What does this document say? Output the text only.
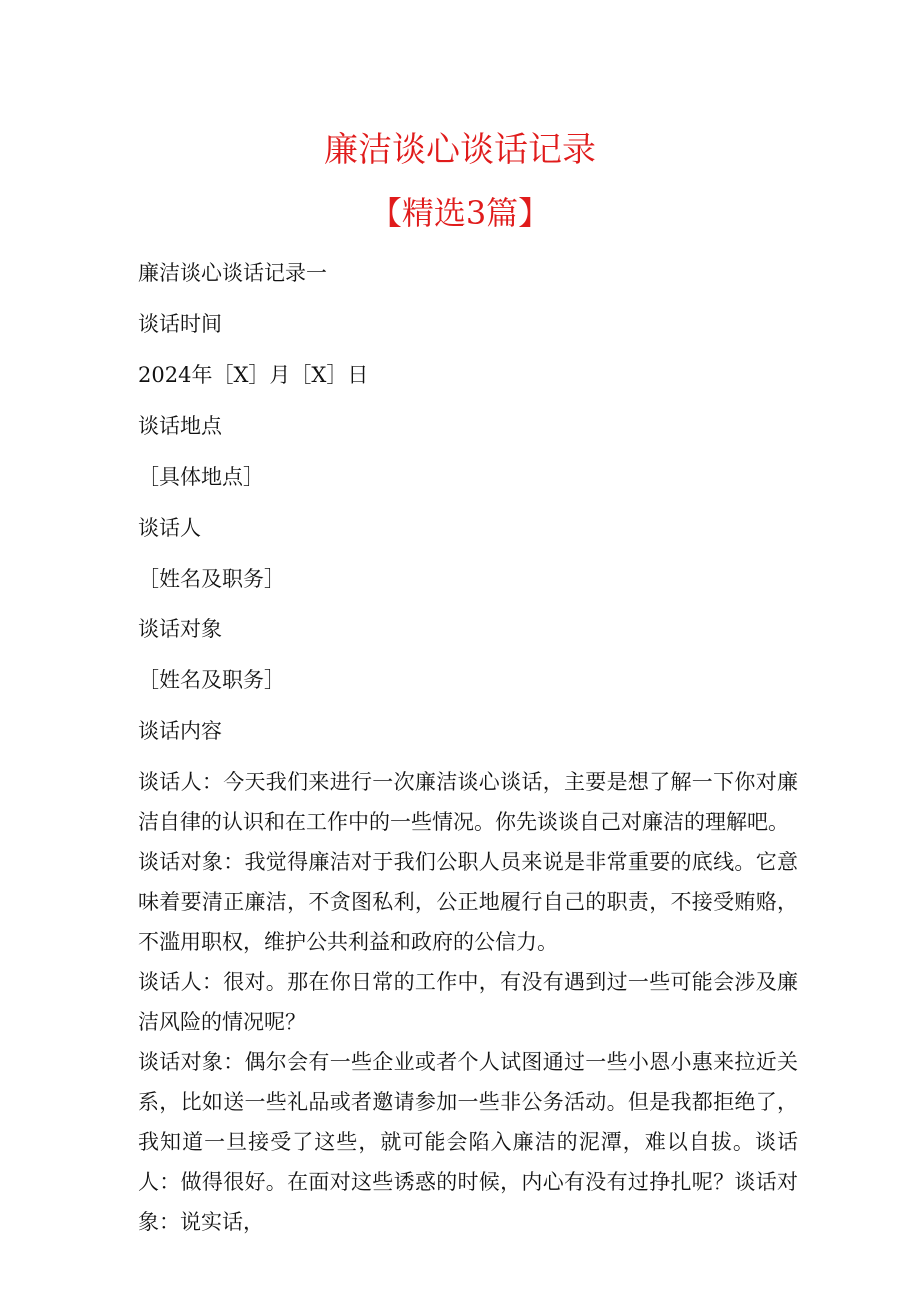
廉洁谈心谈话记录
【精选3篇】

廉洁谈心谈话记录一

谈话时间

2024年［X］月［X］日

谈话地点

［具体地点］

谈话人

［姓名及职务］

谈话对象

［姓名及职务］

谈话内容

谈话人：今天我们来进行一次廉洁谈心谈话，主要是想了解一下你对廉洁自律的认识和在工作中的一些情况。你先谈谈自己对廉洁的理解吧。

谈话对象：我觉得廉洁对于我们公职人员来说是非常重要的底线。它意味着要清正廉洁，不贪图私利，公正地履行自己的职责，不接受贿赂，不滥用职权，维护公共利益和政府的公信力。

谈话人：很对。那在你日常的工作中，有没有遇到过一些可能会涉及廉洁风险的情况呢？

谈话对象：偶尔会有一些企业或者个人试图通过一些小恩小惠来拉近关系，比如送一些礼品或者邀请参加一些非公务活动。但是我都拒绝了，我知道一旦接受了这些，就可能会陷入廉洁的泥潭，难以自拔。谈话人：做得很好。在面对这些诱惑的时候，内心有没有过挣扎呢？谈话对象：说实话，
